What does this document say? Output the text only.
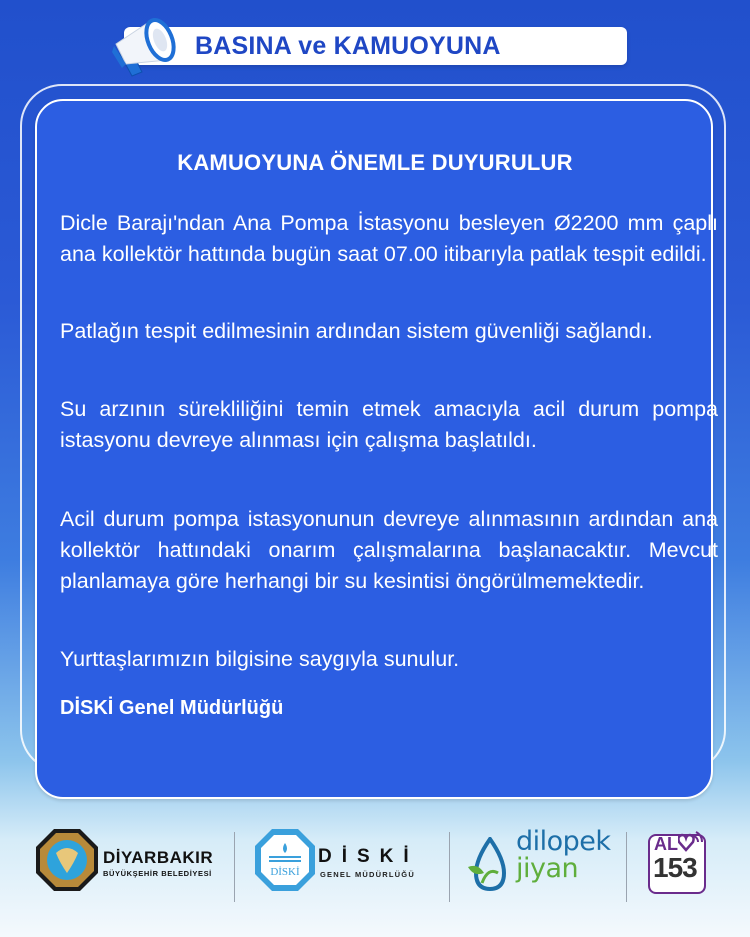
BASINA ve KAMUOYUNA
KAMUOYUNA ÖNEMLE DUYURULUR
Dicle Barajı'ndan Ana Pompa İstasyonu besleyen Ø2200 mm çaplı ana kollektör hattında bugün saat 07.00 itibarıyla patlak tespit edildi.
Patlağın tespit edilmesinin ardından sistem güvenliği sağlandı.
Su arzının sürekliliğini temin etmek amacıyla acil durum pompa istasyonu devreye alınması için çalışma başlatıldı.
Acil durum pompa istasyonunun devreye alınmasının ardından ana kollektör hattındaki onarım çalışmalarına başlanacaktır. Mevcut planlamaya göre herhangi bir su kesintisi öngörülmemektedir.
Yurttaşlarımızın bilgisine saygıyla sunulur.
DİSKİ Genel Müdürlüğü
DİYARBAKIR
BÜYÜKŞEHİR BELEDİYESİ	DİSKİ
DİSKİ
GENEL MÜDÜRLÜĞÜ
dilopek
jiyan
AL
153
